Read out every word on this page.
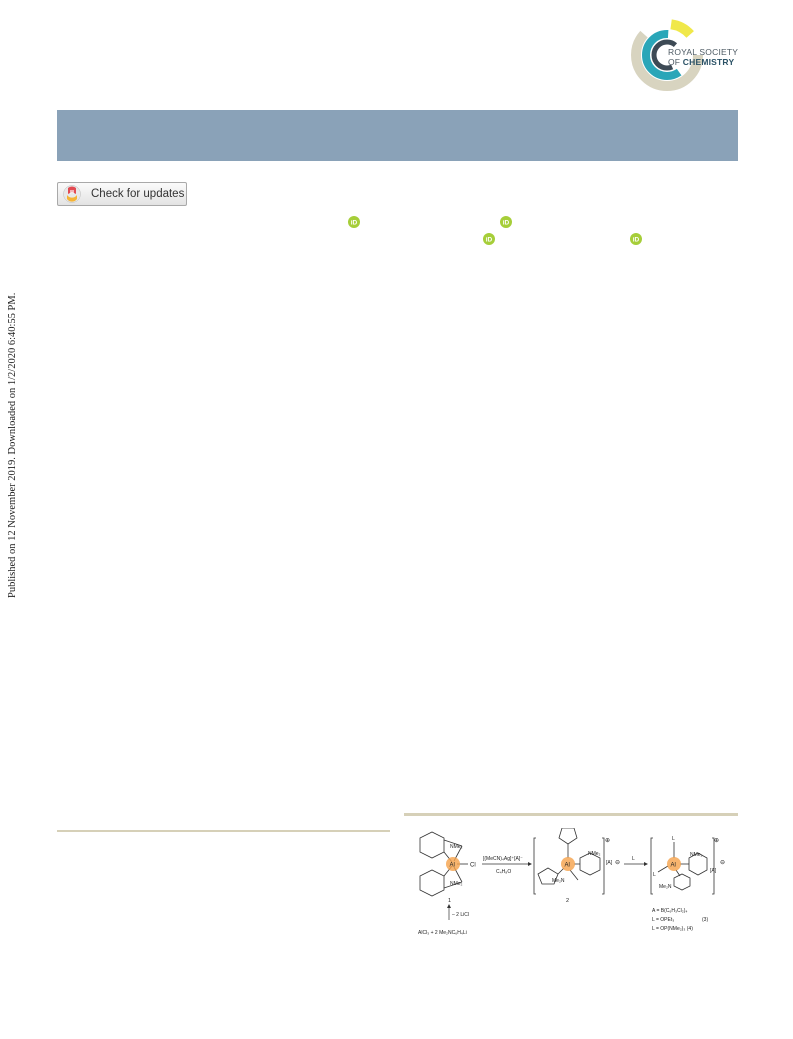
ROYAL SOCIETY
OF CHEMISTRY
Check for updates
iD	iD
iD	iD
Published on 12 November 2019. Downloaded on 1/2/2020 6:40:55 PM.
Al	Cl
NMe₂
NMe₂
1
[(MeCN)₄Ag]⁺[A]⁻
C₄H₈O
Al
NMe₂
Me₂N
⊕
[A]
2
⊖
L
Al
L
L
NMe₂
Me₂N
⊕
[A]
⊖
– 2 LiCl
AlCl₃ + 2 Me₂NC₆H₄Li
A = B(C₆H₃Cl₂)₄
L = OPEt₃	(3)
L = OP(NMe₂)₃ (4)
